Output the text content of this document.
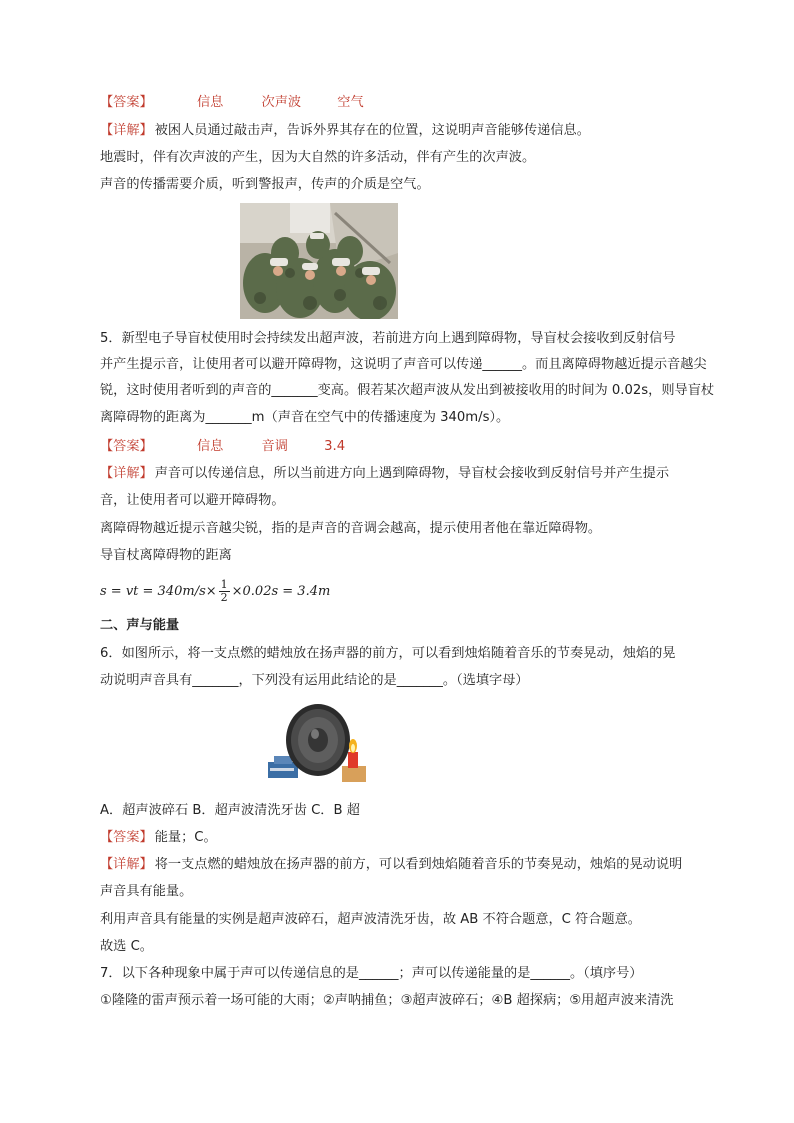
【答案】	信息	次声波	空气
【详解】 被困人员通过敲击声，告诉外界其存在的位置，这说明声音能够传递信息。
地震时，伴有次声波的产生，因为大自然的许多活动，伴有产生的次声波。
声音的传播需要介质，听到警报声，传声的介质是空气。
5．新型电子导盲杖使用时会持续发出超声波，若前进方向上遇到障碍物，导盲杖会接收到反射信号
并产生提示音，让使用者可以避开障碍物，这说明了声音可以传递______。而且离障碍物越近提示音越尖
锐，这时使用者听到的声音的_______变高。假若某次超声波从发出到被接收用的时间为 0.02s，则导盲杖
离障碍物的距离为_______m（声音在空气中的传播速度为 340m/s）。
【答案】	信息	音调	3.4
【详解】 声音可以传递信息，所以当前进方向上遇到障碍物，导盲杖会接收到反射信号并产生提示
音，让使用者可以避开障碍物。
离障碍物越近提示音越尖锐，指的是声音的音调会越高，提示使用者他在靠近障碍物。
导盲杖离障碍物的距离
s = vt = $340m/s\times \frac{1}{2} \times 0.02s = 3.4m$
二、声与能量
6．如图所示，将一支点燃的蜡烛放在扬声器的前方，可以看到烛焰随着音乐的节奏晃动，烛焰的晃
动说明声音具有_______，下列没有运用此结论的是_______。（选填字母）
A．超声波碎石 B．超声波清洗牙齿 C．B 超
【答案】 能量；C。
【详解】 将一支点燃的蜡烛放在扬声器的前方，可以看到烛焰随着音乐的节奏晃动，烛焰的晃动说明
声音具有能量。
利用声音具有能量的实例是超声波碎石，超声波清洗牙齿，故 AB 不符合题意，C 符合题意。
故选 C。
7．以下各种现象中属于声可以传递信息的是______；声可以传递能量的是______。（填序号）
①隆隆的雷声预示着一场可能的大雨；②声呐捕鱼；③超声波碎石；④B 超探病；⑤用超声波来清洗
